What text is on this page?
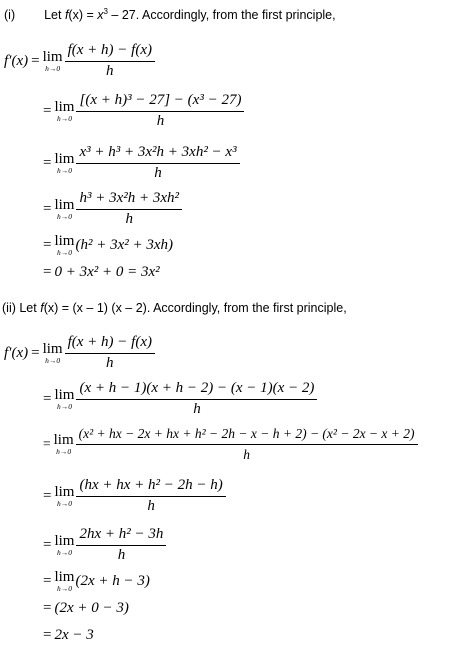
(i) Let $f(x) = x^3 - 27$. Accordingly, from the first principle,
f′(x) = lim
$h\to 0 \frac{f(x + h) - f(x)}{h}$
= lim
$h\to 0 \frac{\text{[(x + h)³ − 27] − (x³ − 27)}}{h}$
= lim
$h\to 0 \frac{\text{x³ + h³ + 3x²h + 3xh² − x³}}{h}$
= lim
$h\to 0 \frac{\text{h³ + 3x²h + 3xh²}}{h}$
= lim
h→0 (h² + 3x² + 3xh)
= 0 + 3x² + 0 = 3x²
(ii) Let f(x) = (x – 1) (x – 2). Accordingly, from the first principle,
f′(x) = lim
$h\to 0 \frac{f(x + h) - f(x)}{h}$
= lim
$h\to 0 \frac{(x + h - 1)(x + h - 2) - (x - 1)(x - 2)}{h}$
= lim
h→0
(x² + hx − 2x + hx + h² − 2h − x − h + 2) − (x² − 2x − x + 2)
h
= lim
$h\to 0 \frac{\text{(hx + hx + h² − 2h − h)}}{h}$
= lim
$h\to 0 \frac{\text{2hx + h² − 3h}}{h}$
= lim
h→0 (2x + h − 3)
= (2x + 0 − 3)
= 2x − 3
